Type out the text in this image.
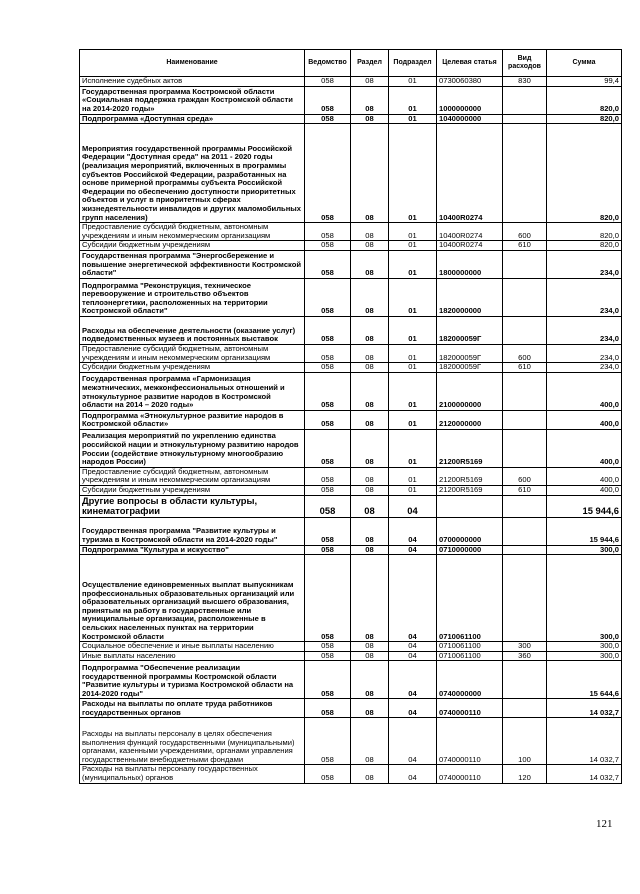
Наименование	Ведомство	Раздел	Подраздел	Целевая статья	Вид расходов	Сумма
Исполнение судебных актов	058	08	01	0730060380	830	99,4
Государственная программа Костромской области «Социальная поддержка граждан Костромской области на 2014-2020 годы»	058	08	01	1000000000		820,0
Подпрограмма «Доступная среда»	058	08	01	1040000000		820,0
Мероприятия государственной программы Российской Федерации "Доступная среда" на 2011 - 2020 годы (реализация мероприятий, включенных в программы субъектов Российской Федерации, разработанных на основе примерной программы субъекта Российской Федерации по обеспечению доступности приоритетных объектов и услуг в приоритетных сферах жизнедеятельности инвалидов и других маломобильных групп населения)	058	08	01	10400R0274		820,0
Предоставление субсидий бюджетным, автономным учреждениям и иным некоммерческим организациям	058	08	01	10400R0274	600	820,0
Субсидии бюджетным учреждениям	058	08	01	10400R0274	610	820,0
Государственная программа "Энергосбережение и повышение энергетической эффективности Костромской области"	058	08	01	1800000000		234,0
Подпрограмма "Реконструкция, техническое перевооружение и строительство объектов теплоэнергетики, расположенных на территории Костромской области"	058	08	01	1820000000		234,0
Расходы на обеспечение деятельности (оказание услуг) подведомственных музеев и постоянных выставок	058	08	01	182000059Г		234,0
Предоставление субсидий бюджетным, автономным учреждениям и иным некоммерческим организациям	058	08	01	182000059Г	600	234,0
Субсидии бюджетным учреждениям	058	08	01	182000059Г	610	234,0
Государственная программа «Гармонизация межэтнических, межконфессиональных отношений и этнокультурное развитие народов в Костромской области на 2014 – 2020 годы»	058	08	01	2100000000		400,0
Подпрограмма «Этнокультурное развитие народов в Костромской области»	058	08	01	2120000000		400,0
Реализация мероприятий по укреплению единства российской нации и этнокультурному развитию народов России (содействие этнокультурному многообразию народов России)	058	08	01	21200R5169		400,0
Предоставление субсидий бюджетным, автономным учреждениям и иным некоммерческим организациям	058	08	01	21200R5169	600	400,0
Субсидии бюджетным учреждениям	058	08	01	21200R5169	610	400,0
Другие вопросы в области культуры, кинематографии	058	08	04			15 944,6
Государственная программа "Развитие культуры и туризма в Костромской области на 2014-2020 годы"	058	08	04	0700000000		15 944,6
Подпрограмма "Культура и искусство"	058	08	04	0710000000		300,0
Осуществление единовременных выплат выпускникам профессиональных образовательных организаций или образовательных организаций высшего образования, принятым на работу в государственные или муниципальные организации, расположенные в сельских населенных пунктах на территории Костромской области	058	08	04	0710061100		300,0
Социальное обеспечение и иные выплаты населению	058	08	04	0710061100	300	300,0
Иные выплаты населению	058	08	04	0710061100	360	300,0
Подпрограмма "Обеспечение реализации государственной программы Костромской области "Развитие культуры и туризма Костромской области на 2014-2020 годы"	058	08	04	0740000000		15 644,6
Расходы на выплаты по оплате труда работников государственных органов	058	08	04	0740000110		14 032,7
Расходы на выплаты персоналу в целях обеспечения выполнения функций государственными (муниципальными) органами, казенными учреждениями, органами управления государственными внебюджетными фондами	058	08	04	0740000110	100	14 032,7
Расходы на выплаты персоналу государственных (муниципальных) органов	058	08	04	0740000110	120	14 032,7
121
